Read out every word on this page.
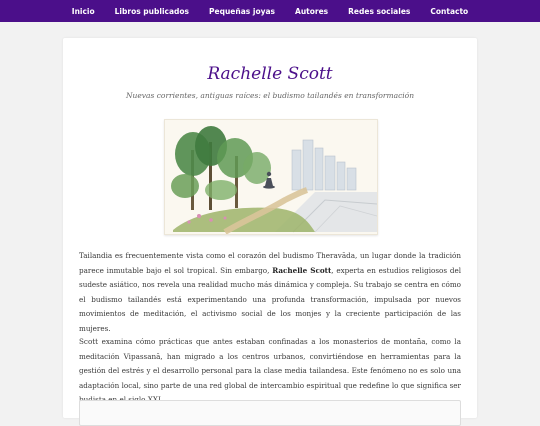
Inicio	Libros publicados	Pequeñas joyas	Autores	Redes sociales	Contacto
Rachelle Scott

Nuevas corrientes, antiguas raíces: el budismo tailandés en transformación

Tailandia es frecuentemente vista como el corazón del budismo Theravāda, un lugar donde la tradición parece inmutable bajo el sol tropical. Sin embargo, Rachelle Scott, experta en estudios religiosos del sudeste asiático, nos revela una realidad mucho más dinámica y compleja. Su trabajo se centra en cómo el budismo tailandés está experimentando una profunda transformación, impulsada por nuevos movimientos de meditación, el activismo social de los monjes y la creciente participación de las mujeres.

Scott examina cómo prácticas que antes estaban confinadas a los monasterios de montaña, como la meditación Vipassanā, han migrado a los centros urbanos, convirtiéndose en herramientas para la gestión del estrés y el desarrollo personal para la clase media tailandesa. Este fenómeno no es solo una adaptación local, sino parte de una red global de intercambio espiritual que redefine lo que significa ser
